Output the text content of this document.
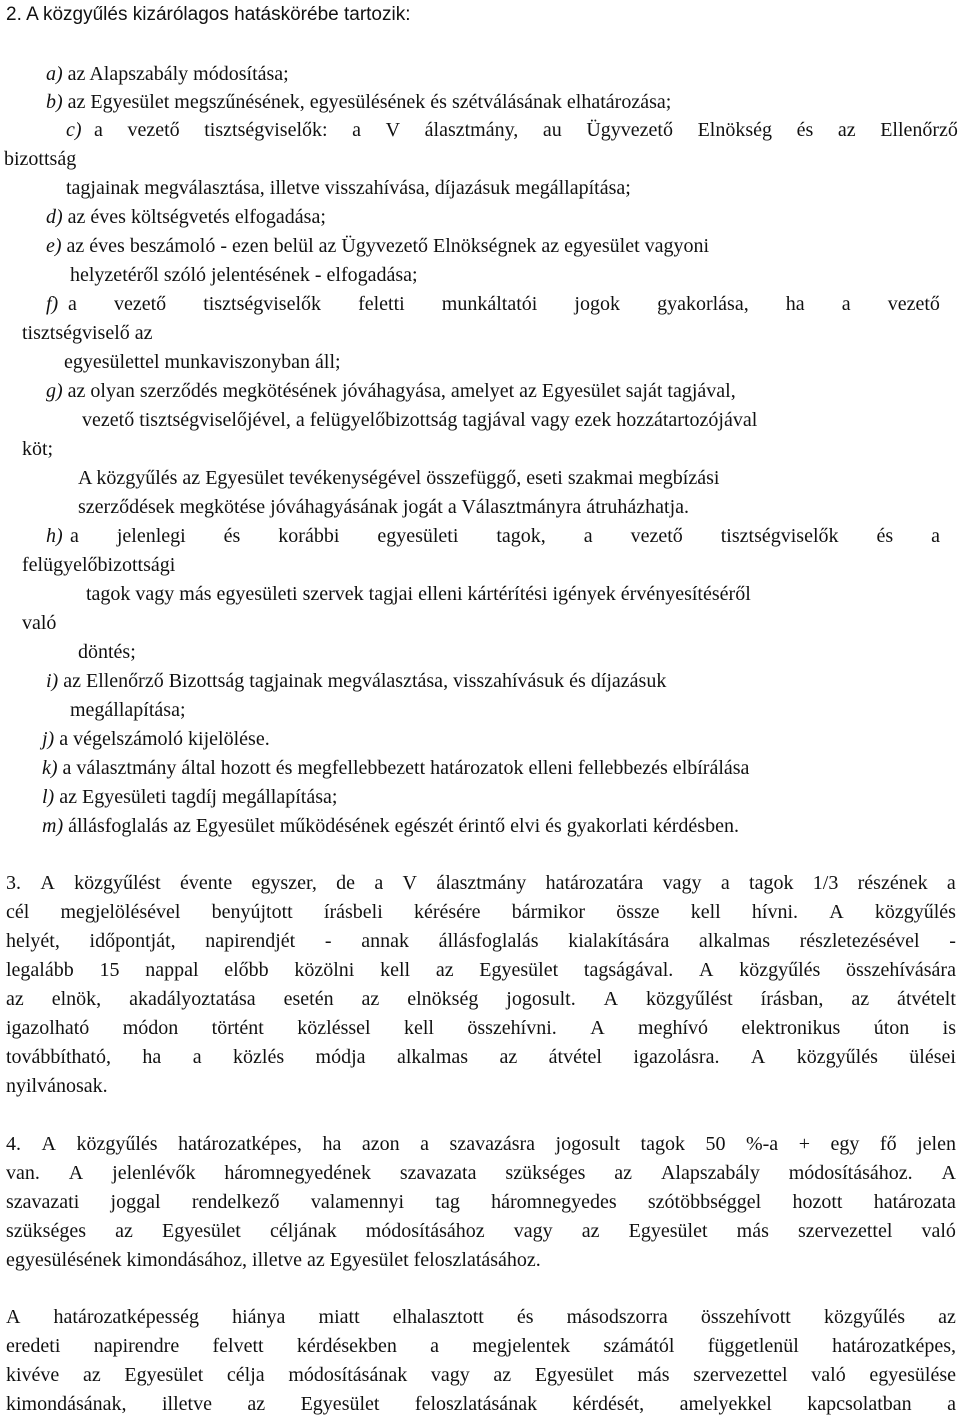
2. A közgyűlés kizárólagos hatáskörébe tartozik:
a) az Alapszabály módosítása;
b) az Egyesület megszűnésének, egyesülésének és szétválásának elhatározása;
c) a vezető tisztségviselők: a V álasztmány, au Ügyvezető Elnökség és az Ellenőrző
bizottság
tagjainak megválasztása, illetve visszahívása, díjazásuk megállapítása;
d) az éves költségvetés elfogadása;
e) az éves beszámoló - ezen belül az Ügyvezető Elnökségnek az egyesület vagyoni
helyzetéről szóló jelentésének - elfogadása;
f) a vezető tisztségviselők feletti munkáltatói jogok gyakorlása, ha a vezető
tisztségviselő az
egyesülettel munkaviszonyban áll;
g) az olyan szerződés megkötésének jóváhagyása, amelyet az Egyesület saját tagjával,
vezető tisztségviselőjével, a felügyelőbizottság tagjával vagy ezek hozzátartozójával
köt;
A közgyűlés az Egyesület tevékenységével összefüggő, eseti szakmai megbízási
szerződések megkötése jóváhagyásának jogát a Választmányra átruházhatja.
h) a jelenlegi és korábbi egyesületi tagok, a vezető tisztségviselők és a
felügyelőbizottsági
tagok vagy más egyesületi szervek tagjai elleni kártérítési igények érvényesítéséről
való
döntés;
i) az Ellenőrző Bizottság tagjainak megválasztása, visszahívásuk és díjazásuk
megállapítása;
j) a végelszámoló kijelölése.
k) a választmány által hozott és megfellebbezett határozatok elleni fellebbezés elbírálása
l) az Egyesületi tagdíj megállapítása;
m) állásfoglalás az Egyesület működésének egészét érintő elvi és gyakorlati kérdésben.
3. A közgyűlést évente egyszer, de a V álasztmány határozatára vagy a tagok 1/3 részének a
cél megjelölésével benyújtott írásbeli kérésére bármikor össze kell hívni. A közgyűlés
helyét, időpontját, napirendjét - annak állásfoglalás kialakítására alkalmas részletezésével -
legalább 15 nappal előbb közölni kell az Egyesület tagságával. A közgyűlés összehívására
az elnök, akadályoztatása esetén az elnökség jogosult. A közgyűlést írásban, az átvételt
igazolható módon történt közléssel kell összehívni. A meghívó elektronikus úton is
továbbítható, ha a közlés módja alkalmas az átvétel igazolásra. A közgyűlés ülései
nyilvánosak.
4. A közgyűlés határozatképes, ha azon a szavazásra jogosult tagok 50 %-a + egy fő jelen
van. A jelenlévők háromnegyedének szavazata szükséges az Alapszabály módosításához. A
szavazati joggal rendelkező valamennyi tag háromnegyedes szótöbbséggel hozott határozata
szükséges az Egyesület céljának módosításához vagy az Egyesület más szervezettel való
egyesülésének kimondásához, illetve az Egyesület feloszlatásához.
A határozatképesség hiánya miatt elhalasztott és másodszorra összehívott közgyűlés az
eredeti napirendre felvett kérdésekben a megjelentek számától függetlenül határozatképes,
kivéve az Egyesület célja módosításának vagy az Egyesület más szervezettel való egyesülése
kimondásának, illetve az Egyesület feloszlatásának kérdését, amelyekkel kapcsolatban a
